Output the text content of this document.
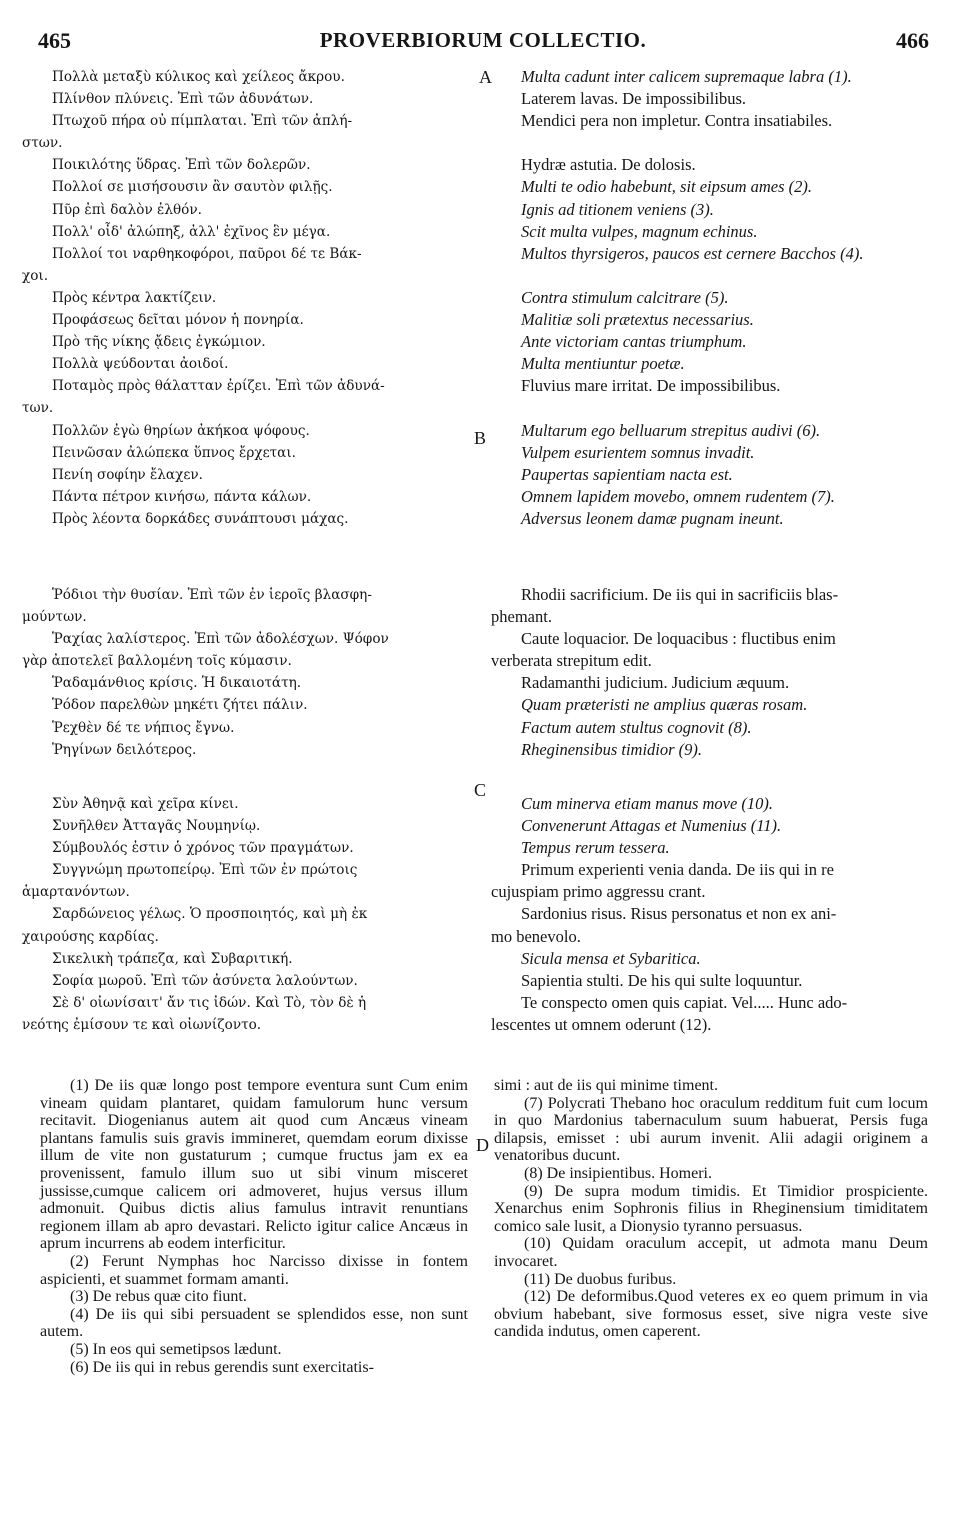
465	PROVERBIORUM COLLECTIO.	466
A
B
C
D
Πολλὰ μεταξὺ κύλικος καὶ χείλεος ἄκρου.
Πλίνθον πλύνεις. Ἐπὶ τῶν ἀδυνάτων.
Πτωχοῦ πήρα οὐ πίμπλαται. Ἐπὶ τῶν ἀπλή-
στων.
Ποικιλότης ὕδρας. Ἐπὶ τῶν δολερῶν.
Πολλοί σε μισήσουσιν ἂν σαυτὸν φιλῇς.
Πῦρ ἐπὶ δαλὸν ἐλθόν.
Πολλ' οἶδ' ἀλώπηξ, ἀλλ' ἐχῖνος ἓν μέγα.
Πολλοί τοι ναρθηκοφόροι, παῦροι δέ τε Βάκ-
χοι.
Πρὸς κέντρα λακτίζειν.
Προφάσεως δεῖται μόνον ἡ πονηρία.
Πρὸ τῆς νίκης ᾄδεις ἐγκώμιον.
Πολλὰ ψεύδονται ἀοιδοί.
Ποταμὸς πρὸς θάλατταν ἐρίζει. Ἐπὶ τῶν ἀδυνά-
των.
Πολλῶν ἐγὼ θηρίων ἀκήκοα ψόφους.
Πεινῶσαν ἀλώπεκα ὕπνος ἔρχεται.
Πενίη σοφίην ἔλαχεν.
Πάντα πέτρον κινήσω, πάντα κάλων.
Πρὸς λέοντα δορκάδες συνάπτουσι μάχας.
Multa cadunt inter calicem supremaque labra (1).
Laterem lavas. De impossibilibus.
Mendici pera non impletur. Contra insatiabiles.
Hydræ astutia. De dolosis.
Multi te odio habebunt, sit eipsum ames (2).
Ignis ad titionem veniens (3).
Scit multa vulpes, magnum echinus.
Multos thyrsigeros, paucos est cernere Bacchos (4).
Contra stimulum calcitrare (5).
Malitiæ soli prætextus necessarius.
Ante victoriam cantas triumphum.
Multa mentiuntur poetæ.
Fluvius mare irritat. De impossibilibus.
Multarum ego belluarum strepitus audivi (6).
Vulpem esurientem somnus invadit.
Paupertas sapientiam nacta est.
Omnem lapidem movebo, omnem rudentem (7).
Adversus leonem damæ pugnam ineunt.
Ῥόδιοι τὴν θυσίαν. Ἐπὶ τῶν ἐν ἱεροῖς βλασφη-
μούντων.
Ῥαχίας λαλίστερος. Ἐπὶ τῶν ἀδολέσχων. Ψόφον
γὰρ ἀποτελεῖ βαλλομένη τοῖς κύμασιν.
Ῥαδαμάνθιος κρίσις. Ἡ δικαιοτάτη.
Ῥόδον παρελθὼν μηκέτι ζήτει πάλιν.
Ῥεχθὲν δέ τε νήπιος ἔγνω.
Ῥηγίνων δειλότερος.
Rhodii sacrificium. De iis qui in sacrificiis blas-
phemant.
Caute loquacior. De loquacibus : fluctibus enim
verberata strepitum edit.
Radamanthi judicium. Judicium æquum.
Quam præteristi ne amplius quæras rosam.
Factum autem stultus cognovit (8).
Rheginensibus timidior (9).
Σὺν Ἀθηνᾷ καὶ χεῖρα κίνει.
Συνῆλθεν Ἀτταγᾶς Νουμηνίῳ.
Σύμβουλός ἐστιν ὁ χρόνος τῶν πραγμάτων.
Συγγνώμη πρωτοπείρῳ. Ἐπὶ τῶν ἐν πρώτοις
ἁμαρτανόντων.
Σαρδώνειος γέλως. Ὁ προσποιητός, καὶ μὴ ἐκ
χαιρούσης καρδίας.
Σικελικὴ τράπεζα, καὶ Συβαριτική.
Σοφία μωροῦ. Ἐπὶ τῶν ἀσύνετα λαλούντων.
Σὲ δ' οἰωνίσαιτ' ἄν τις ἰδών. Καὶ Τὸ, τὸν δὲ ἡ
νεότης ἐμίσουν τε καὶ οἰωνίζοντο.
Cum minerva etiam manus move (10).
Convenerunt Attagas et Numenius (11).
Tempus rerum tessera.
Primum experienti venia danda. De iis qui in re
cujuspiam primo aggressu crant.
Sardonius risus. Risus personatus et non ex ani-
mo benevolo.
Sicula mensa et Sybaritica.
Sapientia stulti. De his qui sulte loquuntur.
Te conspecto omen quis capiat. Vel..... Hunc ado-
lescentes ut omnem oderunt (12).

(1) De iis quæ longo post tempore eventura sunt Cum enim vineam quidam plantaret, quidam famulorum hunc versum recitavit. Diogenianus autem ait quod cum Ancæus vineam plantans famulis suis gravis immineret, quemdam eorum dixisse illum de vite non gustaturum ; cumque fructus jam ex ea provenissent, famulo illum suo ut sibi vinum misceret jussisse,cumque calicem ori admoveret, hujus versus illum admonuit. Quibus dictis alius famulus intravit renuntians regionem illam ab apro devastari. Relicto igitur calice Ancæus in aprum incurrens ab eodem interficitur.

(2) Ferunt Nymphas hoc Narcisso dixisse in fontem aspicienti, et suammet formam amanti.

(3) De rebus quæ cito fiunt.

(4) De iis qui sibi persuadent se splendidos esse, non sunt autem.

(5) In eos qui semetipsos lædunt.

(6) De iis qui in rebus gerendis sunt exercitatis-

simi : aut de iis qui minime timent.

(7) Polycrati Thebano hoc oraculum redditum fuit cum locum in quo Mardonius tabernaculum suum habuerat, Persis fuga dilapsis, emisset : ubi aurum invenit. Alii adagii originem a venatoribus ducunt.

(8) De insipientibus. Homeri.

(9) De supra modum timidis. Et Timidior prospiciente. Xenarchus enim Sophronis filius in Rheginensium timiditatem comico sale lusit, a Dionysio tyranno persuasus.

(10) Quidam oraculum accepit, ut admota manu Deum invocaret.

(11) De duobus furibus.

(12) De deformibus.Quod veteres ex eo quem primum in via obvium habebant, sive formosus esset, sive nigra veste sive candida indutus, omen caperent.
